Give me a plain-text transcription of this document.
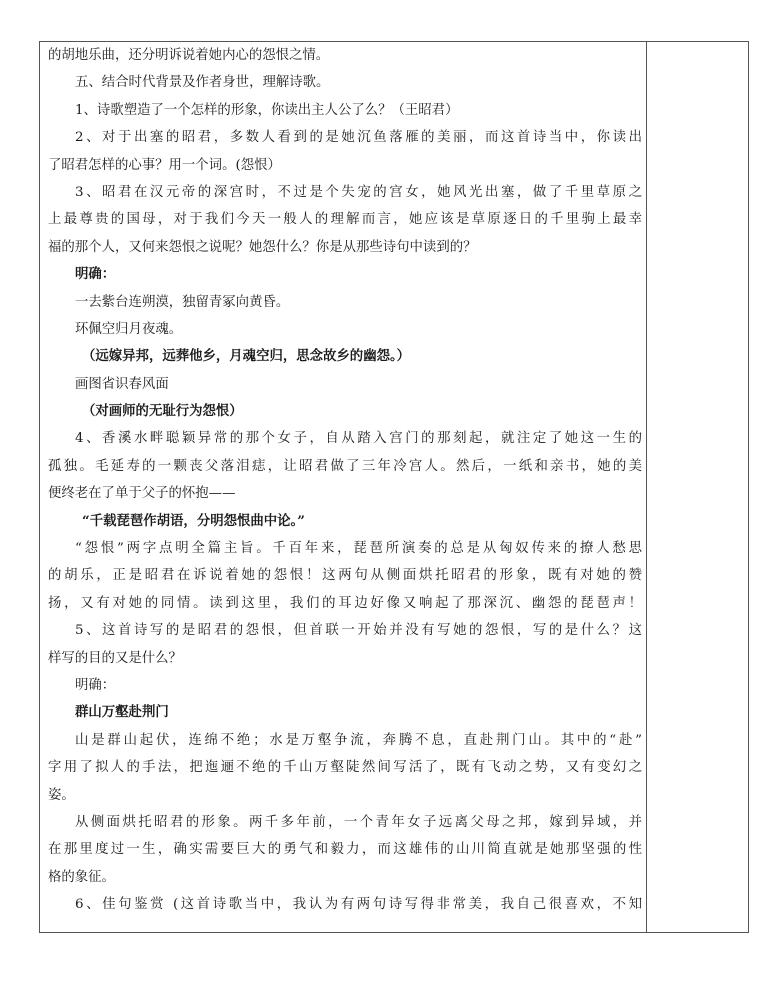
的胡地乐曲，还分明诉说着她内心的怨恨之情。
五、结合时代背景及作者身世，理解诗歌。
1、诗歌塑造了一个怎样的形象，你读出主人公了么？（王昭君）
2、对于出塞的昭君，多数人看到的是她沉鱼落雁的美丽，而这首诗当中，你读出
了昭君怎样的心事？用一个词。(怨恨）
3、昭君在汉元帝的深宫时，不过是个失宠的宫女，她风光出塞，做了千里草原之
上最尊贵的国母，对于我们今天一般人的理解而言，她应该是草原逐日的千里驹上最幸
福的那个人，又何来怨恨之说呢？她怨什么？你是从那些诗句中读到的？
明确：
一去紫台连朔漠，独留青冢向黄昏。
环佩空归月夜魂。
（远嫁异邦，远葬他乡，月魂空归，思念故乡的幽怨。）
画图省识春风面
（对画师的无耻行为怨恨）
4、香溪水畔聪颖异常的那个女子，自从踏入宫门的那刻起，就注定了她这一生的
孤独。毛延寿的一颗丧父落泪痣，让昭君做了三年冷宫人。然后，一纸和亲书，她的美
便终老在了单于父子的怀抱——
“千载琵琶作胡语，分明怨恨曲中论。”
“怨恨”两字点明全篇主旨。千百年来，琵琶所演奏的总是从匈奴传来的撩人愁思
的胡乐，正是昭君在诉说着她的怨恨！这两句从侧面烘托昭君的形象，既有对她的赞
扬，又有对她的同情。读到这里，我们的耳边好像又响起了那深沉、幽怨的琵琶声！
5、这首诗写的是昭君的怨恨，但首联一开始并没有写她的怨恨，写的是什么？这
样写的目的又是什么？
明确：
群山万壑赴荆门
山是群山起伏，连绵不绝；水是万壑争流，奔腾不息，直赴荆门山。其中的“赴”
字用了拟人的手法，把迤逦不绝的千山万壑陡然间写活了，既有飞动之势，又有变幻之
姿。
从侧面烘托昭君的形象。两千多年前，一个青年女子远离父母之邦，嫁到异域，并
在那里度过一生，确实需要巨大的勇气和毅力，而这雄伟的山川简直就是她那坚强的性
格的象征。
6、佳句鉴赏 (这首诗歌当中，我认为有两句诗写得非常美，我自己很喜欢，不知
